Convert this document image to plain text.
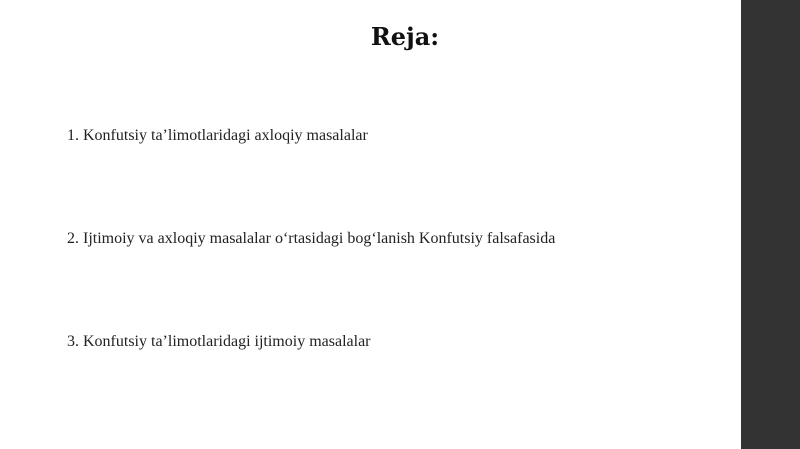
Reja:

1. Konfutsiy ta’limotlaridagi axloqiy masalalar

2. Ijtimoiy va axloqiy masalalar o‘rtasidagi bog‘lanish Konfutsiy falsafasida

3. Konfutsiy ta’limotlaridagi ijtimoiy masalalar
